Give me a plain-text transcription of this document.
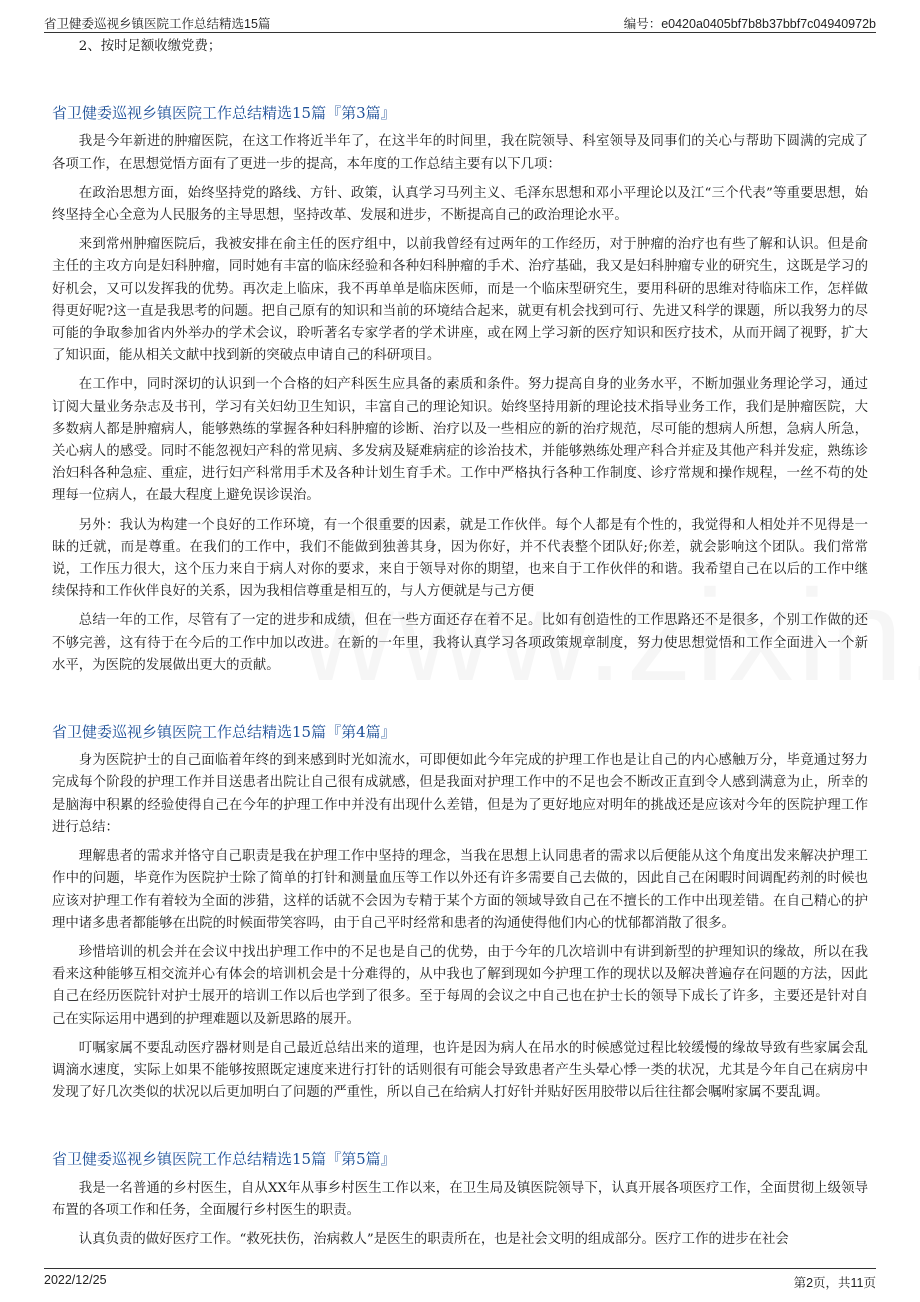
省卫健委巡视乡镇医院工作总结精选15篇	编号：e0420a0405bf7b8b37bbf7c04940972b

2、按时足额收缴党费；

省卫健委巡视乡镇医院工作总结精选15篇『第3篇』

我是今年新进的肿瘤医院，在这工作将近半年了，在这半年的时间里，我在院领导、科室领导及同事们的关心与帮助下圆满的完成了各项工作，在思想觉悟方面有了更进一步的提高，本年度的工作总结主要有以下几项：

在政治思想方面，始终坚持党的路线、方针、政策，认真学习马列主义、毛泽东思想和邓小平理论以及江“三个代表”等重要思想，始终坚持全心全意为人民服务的主导思想，坚持改革、发展和进步，不断提高自己的政治理论水平。

来到常州肿瘤医院后，我被安排在俞主任的医疗组中，以前我曾经有过两年的工作经历，对于肿瘤的治疗也有些了解和认识。但是俞主任的主攻方向是妇科肿瘤，同时她有丰富的临床经验和各种妇科肿瘤的手术、治疗基础，我又是妇科肿瘤专业的研究生，这既是学习的好机会，又可以发挥我的优势。再次走上临床，我不再单单是临床医师，而是一个临床型研究生，要用科研的思维对待临床工作，怎样做得更好呢?这一直是我思考的问题。把自己原有的知识和当前的环境结合起来，就更有机会找到可行、先进又科学的课题，所以我努力的尽可能的争取参加省内外举办的学术会议，聆听著名专家学者的学术讲座，或在网上学习新的医疗知识和医疗技术，从而开阔了视野，扩大了知识面，能从相关文献中找到新的突破点申请自己的科研项目。

在工作中，同时深切的认识到一个合格的妇产科医生应具备的素质和条件。努力提高自身的业务水平，不断加强业务理论学习，通过订阅大量业务杂志及书刊，学习有关妇幼卫生知识，丰富自己的理论知识。始终坚持用新的理论技术指导业务工作，我们是肿瘤医院，大多数病人都是肿瘤病人，能够熟练的掌握各种妇科肿瘤的诊断、治疗以及一些相应的新的治疗规范，尽可能的想病人所想，急病人所急，关心病人的感受。同时不能忽视妇产科的常见病、多发病及疑难病症的诊治技术，并能够熟练处理产科合并症及其他产科并发症，熟练诊治妇科各种急症、重症，进行妇产科常用手术及各种计划生育手术。工作中严格执行各种工作制度、诊疗常规和操作规程，一丝不苟的处理每一位病人，在最大程度上避免误诊误治。

另外：我认为构建一个良好的工作环境，有一个很重要的因素，就是工作伙伴。每个人都是有个性的，我觉得和人相处并不见得是一昧的迁就，而是尊重。在我们的工作中，我们不能做到独善其身，因为你好，并不代表整个团队好;你差，就会影响这个团队。我们常常说，工作压力很大，这个压力来自于病人对你的要求，来自于领导对你的期望，也来自于工作伙伴的和谐。我希望自己在以后的工作中继续保持和工作伙伴良好的关系，因为我相信尊重是相互的，与人方便就是与己方便

总结一年的工作，尽管有了一定的进步和成绩，但在一些方面还存在着不足。比如有创造性的工作思路还不是很多，个别工作做的还不够完善，这有待于在今后的工作中加以改进。在新的一年里，我将认真学习各项政策规章制度，努力使思想觉悟和工作全面进入一个新水平，为医院的发展做出更大的贡献。

省卫健委巡视乡镇医院工作总结精选15篇『第4篇』

身为医院护士的自己面临着年终的到来感到时光如流水，可即便如此今年完成的护理工作也是让自己的内心感触万分，毕竟通过努力完成每个阶段的护理工作并目送患者出院让自己很有成就感，但是我面对护理工作中的不足也会不断改正直到令人感到满意为止，所幸的是脑海中积累的经验使得自己在今年的护理工作中并没有出现什么差错，但是为了更好地应对明年的挑战还是应该对今年的医院护理工作进行总结：

理解患者的需求并恪守自己职责是我在护理工作中坚持的理念，当我在思想上认同患者的需求以后便能从这个角度出发来解决护理工作中的问题，毕竟作为医院护士除了简单的打针和测量血压等工作以外还有许多需要自己去做的，因此自己在闲暇时间调配药剂的时候也应该对护理工作有着较为全面的涉猎，这样的话就不会因为专精于某个方面的领域导致自己在不擅长的工作中出现差错。在自己精心的护理中诸多患者都能够在出院的时候面带笑容吗，由于自己平时经常和患者的沟通使得他们内心的忧郁都消散了很多。

珍惜培训的机会并在会议中找出护理工作中的不足也是自己的优势，由于今年的几次培训中有讲到新型的护理知识的缘故，所以在我看来这种能够互相交流并心有体会的培训机会是十分难得的，从中我也了解到现如今护理工作的现状以及解决普遍存在问题的方法，因此自己在经历医院针对护士展开的培训工作以后也学到了很多。至于每周的会议之中自己也在护士长的领导下成长了许多，主要还是针对自己在实际运用中遇到的护理难题以及新思路的展开。

叮嘱家属不要乱动医疗器材则是自己最近总结出来的道理，也许是因为病人在吊水的时候感觉过程比较缓慢的缘故导致有些家属会乱调滴水速度，实际上如果不能够按照既定速度来进行打针的话则很有可能会导致患者产生头晕心悸一类的状况，尤其是今年自己在病房中发现了好几次类似的状况以后更加明白了问题的严重性，所以自己在给病人打好针并贴好医用胶带以后往往都会嘱咐家属不要乱调。

省卫健委巡视乡镇医院工作总结精选15篇『第5篇』

我是一名普通的乡村医生，自从XX年从事乡村医生工作以来，在卫生局及镇医院领导下，认真开展各项医疗工作，全面贯彻上级领导布置的各项工作和任务，全面履行乡村医生的职责。

认真负责的做好医疗工作。“救死扶伤，治病救人”是医生的职责所在，也是社会文明的组成部分。医疗工作的进步在社会

2022/12/25	第2页，共11页
